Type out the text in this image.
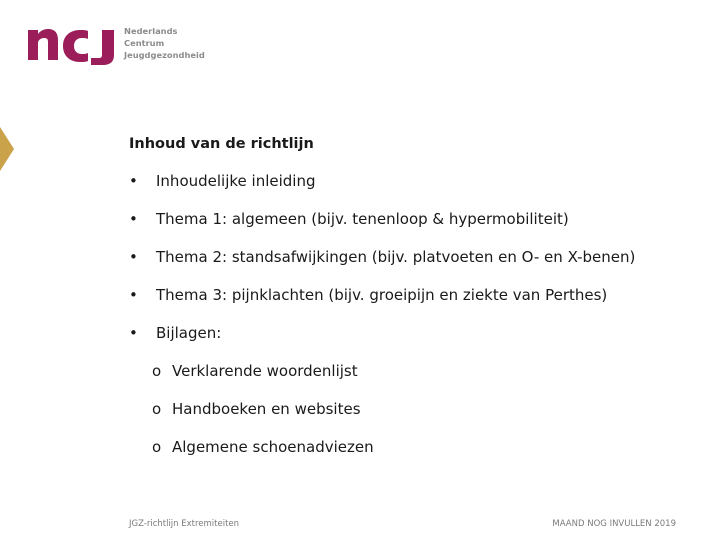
Nederlands
Centrum
Jeugdgezondheid
Inhoud van de richtlijn
• Inhoudelijke inleiding
• Thema 1: algemeen (bijv. tenenloop & hypermobiliteit)
• Thema 2: standsafwijkingen (bijv. platvoeten en O- en X-benen)
• Thema 3: pijnklachten (bijv. groeipijn en ziekte van Perthes)
• Bijlagen:
o Verklarende woordenlijst
o Handboeken en websites
o Algemene schoenadviezen
JGZ-richtlijn Extremiteiten	MAAND NOG INVULLEN 2019
